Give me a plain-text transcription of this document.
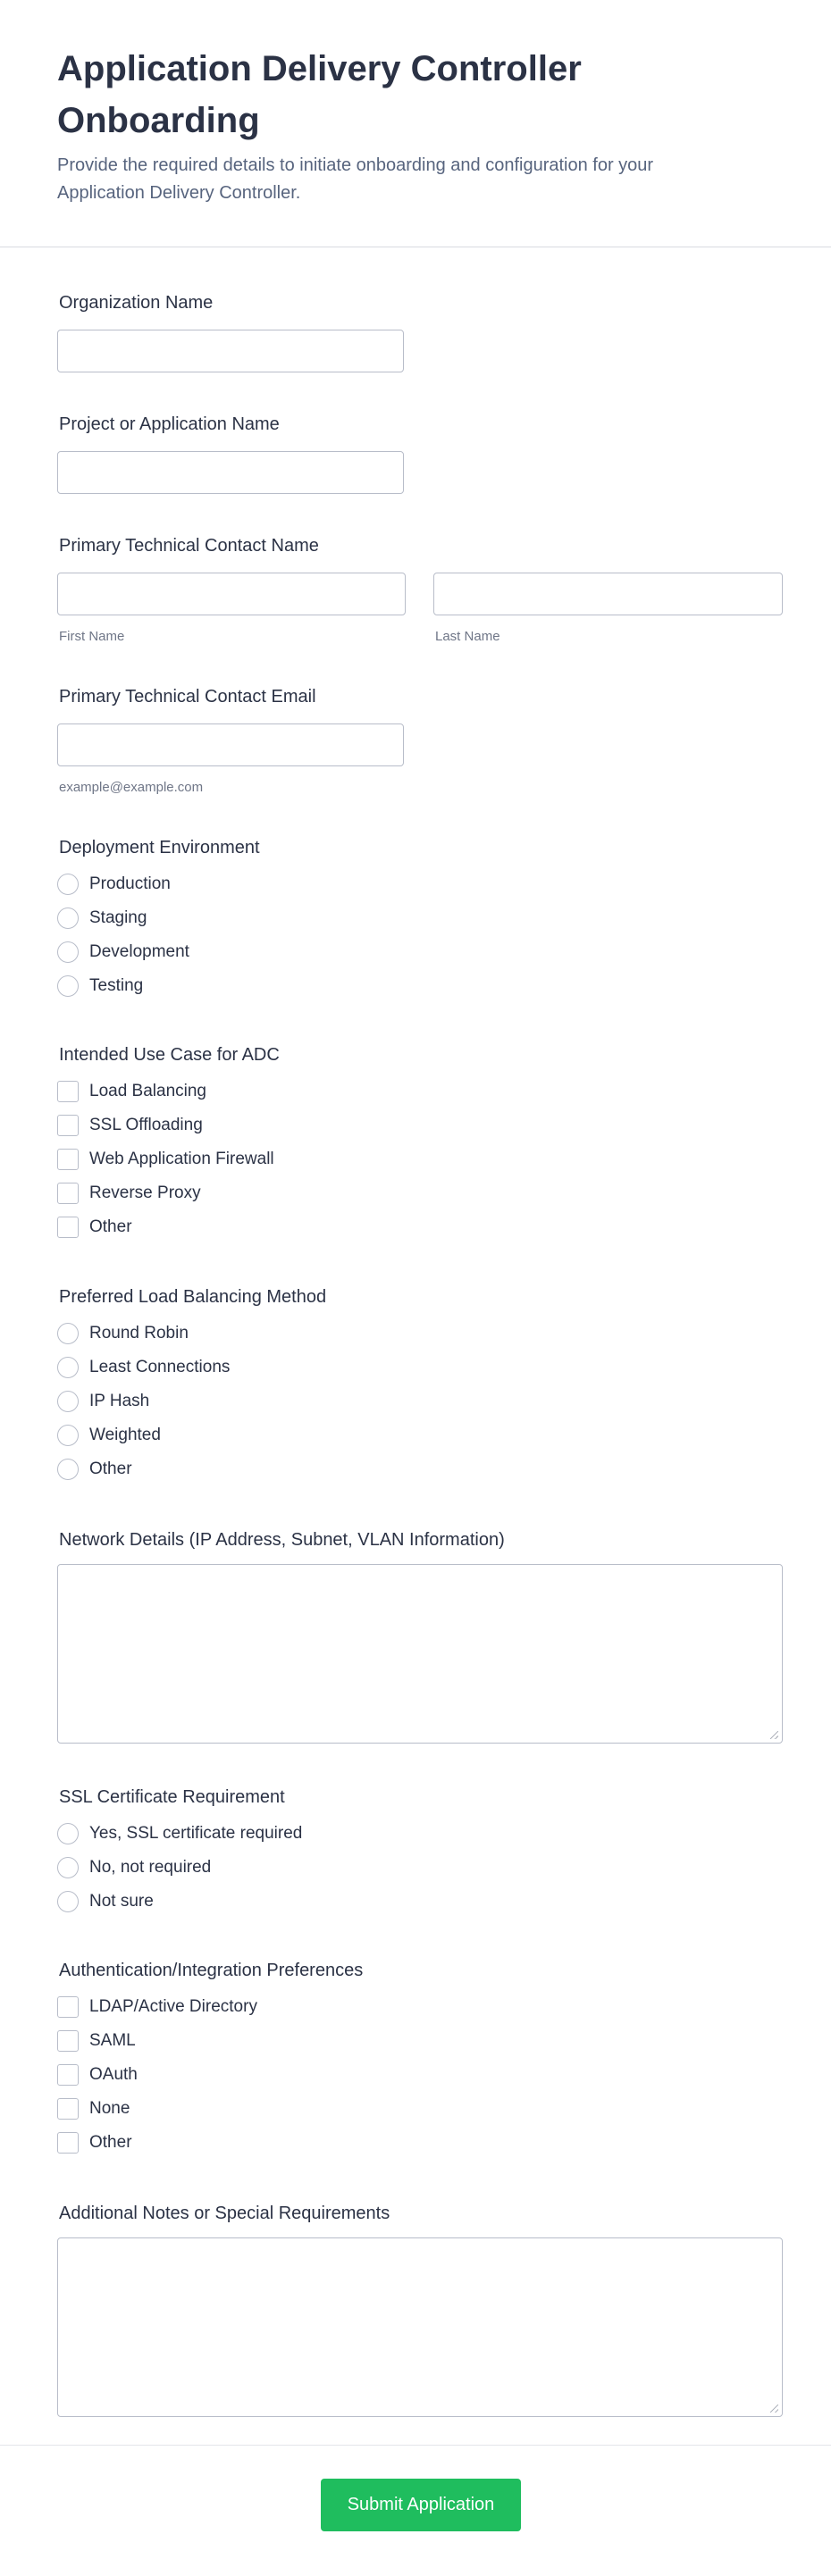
Application Delivery Controller Onboarding

Provide the required details to initiate onboarding and configuration for your Application Delivery Controller.

Organization Name
Project or Application Name
Primary Technical Contact Name
First Name	Last Name
Primary Technical Contact Email
example@example.com
Deployment Environment
Production
Staging
Development
Testing
Intended Use Case for ADC
Load Balancing
SSL Offloading
Web Application Firewall
Reverse Proxy
Other
Preferred Load Balancing Method
Round Robin
Least Connections
IP Hash
Weighted
Other
Network Details (IP Address, Subnet, VLAN Information)
SSL Certificate Requirement
Yes, SSL certificate required
No, not required
Not sure
Authentication/Integration Preferences
LDAP/Active Directory
SAML
OAuth
None
Other
Additional Notes or Special Requirements
Submit Application
